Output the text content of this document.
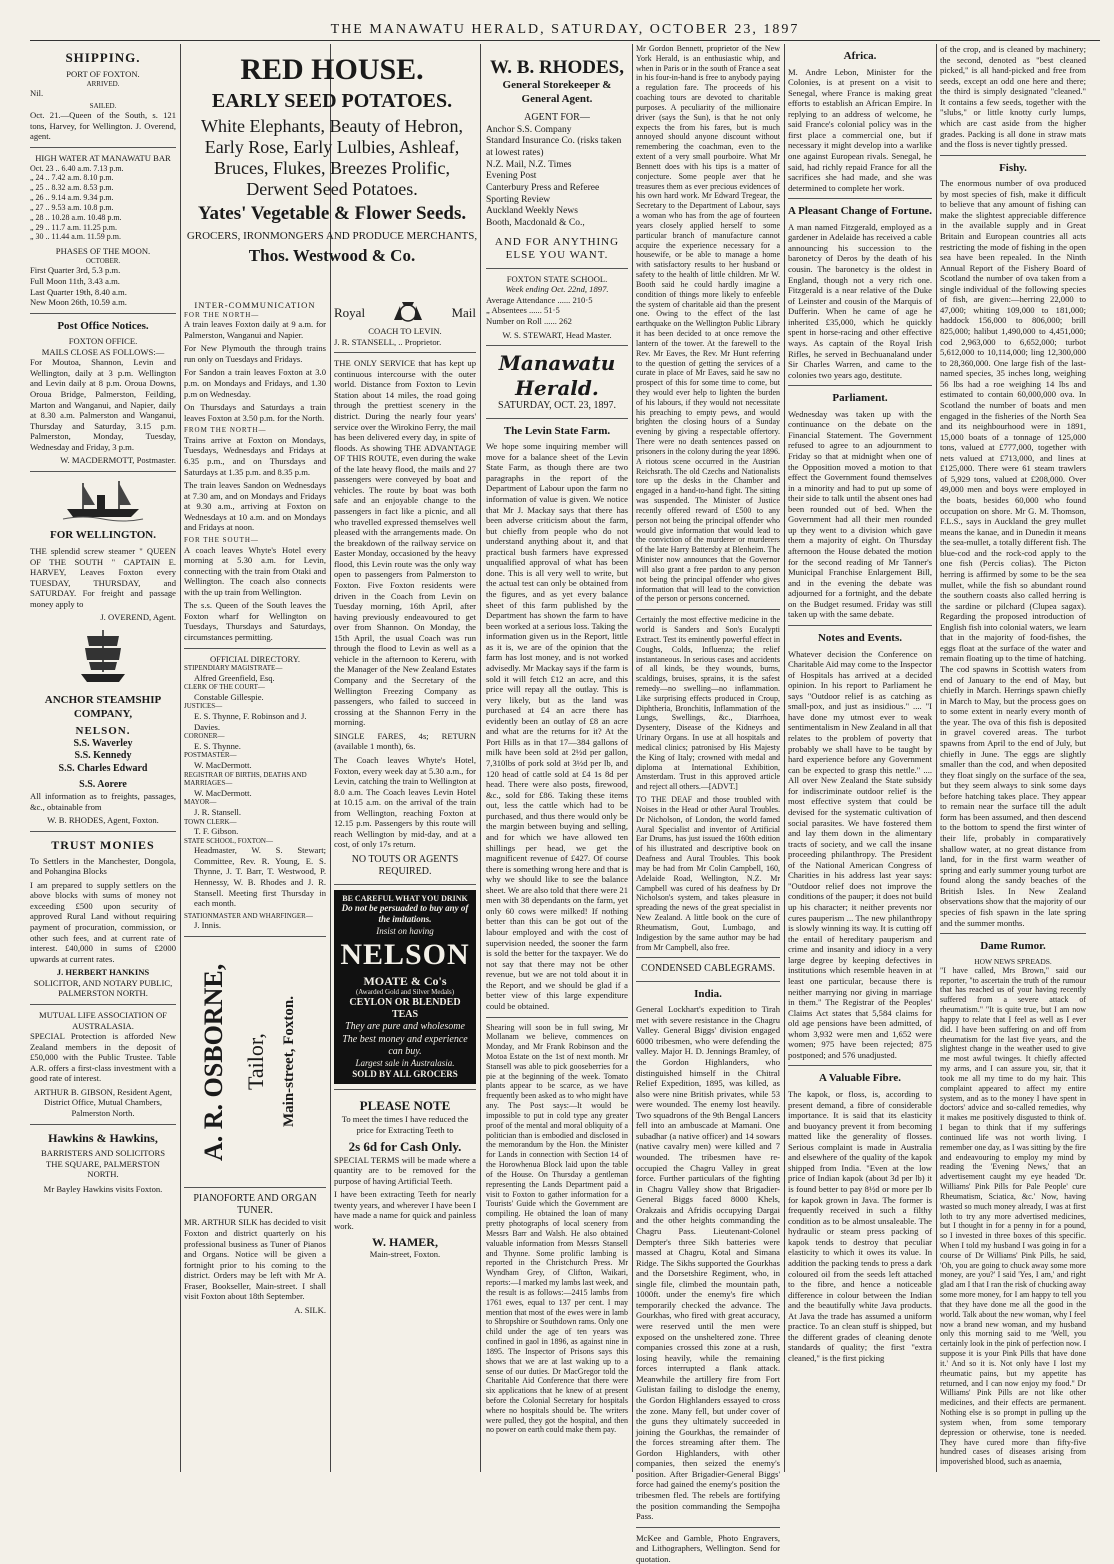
THE MANAWATU HERALD, SATURDAY, OCTOBER 23, 1897
SHIPPING.
PORT OF FOXTON.
ARRIVED.

Nil.

SAILED.

Oct. 21.—Queen of the South, s. 121 tons, Harvey, for Wellington. J. Overend, agent.

HIGH WATER AT MANAWATU BAR
Oct. 23 .. 6.40 a.m. 7.13 p.m.
„ 24 .. 7.42 a.m. 8.10 p.m.
„ 25 .. 8.32 a.m. 8.53 p.m.
„ 26 .. 9.14 a.m. 9.34 p.m.
„ 27 .. 9.53 a.m. 10.8 p.m.
„ 28 .. 10.28 a.m. 10.48 p.m.
„ 29 .. 11.7 a.m. 11.25 p.m.
„ 30 .. 11.44 a.m. 11.59 p.m.
PHASES OF THE MOON.
OCTOBER.
First Quarter 3rd, 5.3 p.m.
Full Moon 11th, 3.43 a.m.
Last Quarter 19th, 8.40 a.m.
New Moon 26th, 10.59 a.m.
Post Office Notices.
FOXTON OFFICE.
MAILS CLOSE AS FOLLOWS:—

For Moutoa, Shannon, Levin and Wellington, daily at 3 p.m. Wellington and Levin daily at 8 p.m. Oroua Downs, Oroua Bridge, Palmerston, Feilding, Marton and Wanganui, and Napier, daily at 8.30 a.m. Palmerston and Wanganui, Thursday and Saturday, 3.15 p.m. Palmerston, Monday, Tuesday, Wednesday and Friday, 3 p.m.

W. MACDERMOTT, Postmaster.

FOR WELLINGTON.

THE splendid screw steamer " QUEEN OF THE SOUTH " CAPTAIN E. HARVEY, Leaves Foxton every TUESDAY, THURSDAY, and SATURDAY. For freight and passage money apply to

J. OVEREND, Agent.

ANCHOR STEAMSHIP COMPANY,
NELSON.
S.S. Waverley
S.S. Kennedy
S.S. Charles Edward
S.S. Aorere

All information as to freights, passages, &c., obtainable from

W. B. RHODES, Agent, Foxton.

TRUST MONIES

To Settlers in the Manchester, Dongola, and Pohangina Blocks

I am prepared to supply settlers on the above blocks with sums of money not exceeding £500 upon security of approved Rural Land without requiring payment of procuration, commission, or other such fees, and at current rate of interest. £40,000 in sums of £2000 upwards at current rates.

J. HERBERT HANKINS

SOLICITOR, AND NOTARY PUBLIC, PALMERSTON NORTH.

MUTUAL LIFE ASSOCIATION OF AUSTRALASIA.

SPECIAL Protection is afforded New Zealand members in the deposit of £50,000 with the Public Trustee. Table A.R. offers a first-class investment with a good rate of interest.

ARTHUR B. GIBSON, Resident Agent, District Office, Mutual Chambers, Palmerston North.

Hawkins & Hawkins,
BARRISTERS AND SOLICITORS
THE SQUARE, PALMERSTON NORTH.
Mr Bayley Hawkins visits Foxton.
RED HOUSE.
EARLY SEED POTATOES.
White Elephants, Beauty of Hebron, Early Rose, Early Lulbies, Ashleaf, Bruces, Flukes, Breezes Prolific, Derwent Seed Potatoes.
Yates' Vegetable & Flower Seeds.
GROCERS, IRONMONGERS AND PRODUCE MERCHANTS,
Thos. Westwood & Co.
INTER-COMMUNICATION
FOR THE NORTH—

A train leaves Foxton daily at 9 a.m. for Palmerston, Wanganui and Napier.

For New Plymouth the through trains run only on Tuesdays and Fridays.

For Sandon a train leaves Foxton at 3.0 p.m. on Mondays and Fridays, and 1.30 p.m on Wednesday.

On Thursdays and Saturdays a train leaves Foxton at 3.50 p.m. for the North.

FROM THE NORTH—

Trains arrive at Foxton on Mondays, Tuesdays, Wednesdays and Fridays at 6.35 p.m., and on Thursdays and Saturdays at 1.35 p.m. and 8.35 p.m.

The train leaves Sandon on Wednesdays at 7.30 am, and on Mondays and Fridays at 9.30 a.m., arriving at Foxton on Wednesdays at 10 a.m. and on Mondays and Fridays at noon.

FOR THE SOUTH—

A coach leaves Whyte's Hotel every morning at 5.30 a.m. for Levin, connecting with the train from Otaki and Wellington. The coach also connects with the up train from Wellington.

The s.s. Queen of the South leaves the Foxton wharf for Wellington on Tuesdays, Thursdays and Saturdays, circumstances permitting.

OFFICIAL DIRECTORY.
STIPENDIARY MAGISTRATE—
Alfred Greenfield, Esq.
CLERK OF THE COURT—
Constable Gillespie.
JUSTICES—
E. S. Thynne, F. Robinson and J. Davies.
CORONER—
E. S. Thynne.
POSTMASTER—
W. MacDermott.
REGISTRAR OF BIRTHS, DEATHS AND MARRIAGES—
W. MacDermott.
MAYOR—
J. R. Stansell.
TOWN CLERK—
T. F. Gibson.
STATE SCHOOL, FOXTON—

Headmaster, W. S. Stewart; Committee, Rev. R. Young, E. S. Thynne, J. T. Barr, T. Westwood, P. Hennessy, W. B. Rhodes and J. R. Stansell. Meeting first Thursday in each month.

STATIONMASTER AND WHARFINGER—
J. Innis.
A. R. OSBORNE, Tailor, Main-street, Foxton.
PIANOFORTE AND ORGAN TUNER.

MR. ARTHUR SILK has decided to visit Foxton and district quarterly on his professional business as Tuner of Pianos and Organs. Notice will be given a fortnight prior to his coming to the district. Orders may be left with Mr A. Fraser, Bookseller, Main-street. I shall visit Foxton about 18th September.

A. SILK.

Royal	Mail
COACH TO LEVIN.
J. R. STANSELL, .. Proprietor.

THE ONLY SERVICE that has kept up continuous intercourse with the outer world. Distance from Foxton to Levin Station about 14 miles, the road going through the prettiest scenery in the district. During the nearly four years' service over the Wirokino Ferry, the mail has been delivered every day, in spite of floods. As showing THE ADVANTAGE OF THIS ROUTE, even during the wake of the late heavy flood, the mails and 27 passengers were conveyed by boat and vehicles. The route by boat was both safe and an enjoyable change to the passengers in fact like a picnic, and all who travelled expressed themselves well pleased with the arrangements made. On the breakdown of the railway service on Easter Monday, occasioned by the heavy flood, this Levin route was the only way open to passengers from Palmerston to Foxton. Five Foxton residents were driven in the Coach from Levin on Tuesday morning, 16th April, after having previously endeavoured to get over from Shannon. On Monday, the 15th April, the usual Coach was run through the flood to Levin as well as a vehicle in the afternoon to Kereru, with the Manager of the New Zealand Estates Company and the Secretary of the Wellington Freezing Company as passengers, who failed to succeed in crossing at the Shannon Ferry in the morning.

SINGLE FARES, 4s; RETURN (available 1 month), 6s.

The Coach leaves Whyte's Hotel, Foxton, every week day at 5.30 a.m., for Levin, catching the train to Wellington at 8.0 a.m. The Coach leaves Levin Hotel at 10.15 a.m. on the arrival of the train from Wellington, reaching Foxton at 12.15 p.m. Passengers by this route will reach Wellington by mid-day, and at a cost, of only 17s return.

NO TOUTS OR AGENTS REQUIRED.
BE CAREFUL WHAT YOU DRINK
Do not be persuaded to buy any of the imitations.
Insist on having
NELSON
MOATE & Co's
(Awarded Gold and Silver Medals)
CEYLON OR BLENDED TEAS
They are pure and wholesome
The best money and experience can buy.
Largest sale in Australasia.
SOLD BY ALL GROCERS
PLEASE NOTE

To meet the times I have reduced the price for Extracting Teeth to

2s 6d for Cash Only.

SPECIAL TERMS will be made where a quantity are to be removed for the purpose of having Artificial Teeth.

I have been extracting Teeth for nearly twenty years, and wherever I have been I have made a name for quick and painless work.

W. HAMER,
Main-street, Foxton.
W. B. RHODES,
General Storekeeper & General Agent.
AGENT FOR—
Anchor S.S. Company
Standard Insurance Co. (risks taken at lowest rates)
N.Z. Mail, N.Z. Times
Evening Post
Canterbury Press and Referee
Sporting Review
Auckland Weekly News
Booth, Macdonald & Co.,
AND FOR ANYTHING ELSE YOU WANT.
FOXTON STATE SCHOOL.
Week ending Oct. 22nd, 1897.
Average Attendance ...... 210·5
„ Absentees ...... 51·5
Number on Roll ...... 262
W. S. STEWART, Head Master.
Manawatu Herald.
SATURDAY, OCT. 23, 1897.
The Levin State Farm.

We hope some inquiring member will move for a balance sheet of the Levin State Farm, as though there are two paragraphs in the report of the Department of Labour upon the farm no information of value is given. We notice that Mr J. Mackay says that there has been adverse criticism about the farm, but chiefly from people who do not understand anything about it, and that practical bush farmers have expressed unqualified approval of what has been done. This is all very well to write, but the actual test can only be obtained from the figures, and as yet every balance sheet of this farm published by the Department has shown the farm to have been worked at a serious loss. Taking the information given us in the Report, little as it is, we are of the opinion that the farm has lost money, and is not worked advisedly. Mr Mackay says if the farm is sold it will fetch £12 an acre, and this price will repay all the outlay. This is very likely, but as the land was purchased at £4 an acre there has evidently been an outlay of £8 an acre and what are the returns for it? At the Port Hills as in that 17—384 gallons of milk have been sold at 2½d per gallon, 7,310lbs of pork sold at 3½d per lb, and 120 head of cattle sold at £4 1s 8d per head. There were also posts, firewood, &c., sold for £86. Taking these items out, less the cattle which had to be purchased, and thus there would only be the margin between buying and selling, and for which we have allowed ten shillings per head, we get the magnificent revenue of £427. Of course there is something wrong here and that is why we should like to see the balance sheet. We are also told that there were 21 men with 38 dependants on the farm, yet only 60 cows were milked! If nothing better than this can be got out of the labour employed and with the cost of supervision needed, the sooner the farm is sold the better for the taxpayer. We do not say that there may not be other revenue, but we are not told about it in the Report, and we should be glad if a better view of this large expenditure could be obtained.

Shearing will soon be in full swing, Mr Mollanam we believe, commences on Monday, and Mr Frank Robinson and the Motoa Estate on the 1st of next month. Mr Stansell was able to pick gooseberries for a pie at the beginning of the week. Tomato plants appear to be scarce, as we have frequently been asked as to who might have any. The Post says:—It would be impossible to put in cold type any greater proof of the mental and moral obliquity of a politician than is embodied and disclosed in the memorandum by the Hon. the Minister for Lands in connection with Section 14 of the Horowhenua Block laid upon the table of the House. On Thursday a gentleman representing the Lands Department paid a visit to Foxton to gather information for a Tourists' Guide which the Government are compiling. He obtained the loan of many pretty photographs of local scenery from Messrs Barr and Walsh. He also obtained valuable information from Messrs Stansell and Thynne. Some prolific lambing is reported in the Christchurch Press. Mr Wyndham Grey, of Clifton, Waikari, reports:—I marked my lambs last week, and the result is as follows:—2415 lambs from 1761 ewes, equal to 137 per cent. I may mention that most of the ewes were in lamb to Shropshire or Southdown rams. Only one child under the age of ten years was confined in gaol in 1896, as against nine in 1895. The Inspector of Prisons says this shows that we are at last waking up to a sense of our duties. Dr MacGregor told the Charitable Aid Conference that there were six applications that he knew of at present before the Colonial Secretary for hospitals where no hospitals should be. The writers were pulled, they got the hospital, and then no power on earth could make them pay.

Mr Gordon Bennett, proprietor of the New York Herald, is an enthusiastic whip, and when in Paris or in the south of France a seat in his four-in-hand is free to anybody paying a regulation fare. The proceeds of his coaching tours are devoted to charitable purposes. A peculiarity of the millionaire driver (says the Sun), is that he not only expects the from his fares, but is much annoyed should anyone discount without remembering the coachman, even to the extent of a very small pourboire. What Mr Bennett does with his tips is a matter of conjecture. Some people aver that he treasures them as ever precious evidences of his own hard work. Mr Edward Tregear, the Secretary to the Department of Labour, says a woman who has from the age of fourteen years closely applied herself to some particular branch of manufacture cannot acquire the experience necessary for a housewife, or be able to manage a home with satisfactory results to her husband or safety to the health of little children. Mr W. Booth said he could hardly imagine a condition of things more likely to enfeeble the system of charitable aid than the present one. Owing to the effect of the last earthquake on the Wellington Public Library it has been decided to at once remove the lantern of the tower. At the farewell to the Rev. Mr Eaves, the Rev. Mr Hunt referring to the question of getting the services of a curate in place of Mr Eaves, said he saw no prospect of this for some time to come, but they would ever help to lighten the burden of his labours, if they would not necessitate his preaching to empty pews, and would brighten the closing hours of a Sunday evening by giving a respectable offertory. There were no death sentences passed on prisoners in the colony during the year 1896. A riotous scene occurred in the Austrian Reichsrath. The old Czechs and Nationalists tore up the desks in the Chamber and engaged in a hand-to-hand fight. The sitting was suspended. The Minister of Justice recently offered reward of £500 to any person not being the principal offender who would give information that would lead to the conviction of the murderer or murderers of the late Harry Battersby at Blenheim. The Minister now announces that the Governor will also grant a free pardon to any person not being the principal offender who gives information that will lead to the conviction of the person or persons concerned.

Certainly the most effective medicine in the world is Sanders and Son's Eucalypti Extract. Test its eminently powerful effect in Coughs, Colds, Influenza; the relief instantaneous. In serious cases and accidents of all kinds, be they wounds, burns, scaldings, bruises, sprains, it is the safest remedy—no swelling—no inflammation. Like surprising effects produced in Croup, Diphtheria, Bronchitis, Inflammation of the Lungs, Swellings, &c., Diarrhoea, Dysentery, Disease of the Kidneys and Urinary Organs. In use at all hospitals and medical clinics; patronised by His Majesty the King of Italy; crowned with medal and diploma at International Exhibition, Amsterdam. Trust in this approved article and reject all others.—[ADVT.]

TO THE DEAF and those troubled with Noises in the Head or other Aural Troubles. Dr Nicholson, of London, the world famed Aural Specialist and inventor of Artificial Ear Drums, has just issued the 160th edition of his illustrated and descriptive book on Deafness and Aural Troubles. This book may be had from Mr Colin Campbell, 160, Adelaide Road, Wellington, N.Z. Mr Campbell was cured of his deafness by Dr Nicholson's system, and takes pleasure in spreading the news of the great specialist in New Zealand. A little book on the cure of Rheumatism, Gout, Lumbago, and Indigestion by the same author may be had from Mr Campbell, also free.

CONDENSED CABLEGRAMS.
India.

General Lockhart's expedition to Tirah met with severe resistance in the Chagru Valley. General Biggs' division engaged 6000 tribesmen, who were defending the valley. Major H. D. Jennings Bramley, of the Gordon Highlanders, who distinguished himself in the Chitral Relief Expedition, 1895, was killed, as also were nine British privates, while 53 were wounded. The enemy lost heavily. Two squadrons of the 9th Bengal Lancers fell into an ambuscade at Mamani. One subadhar (a native officer) and 14 sowars (native cavalry men) were killed and 7 wounded. The tribesmen have re-occupied the Chagru Valley in great force. Further particulars of the fighting in Chagru Valley show that Brigadier-General Biggs faced 8000 Khels, Orakzais and Afridis occupying Dargai and the other heights commanding the Chagru Pass. Lieutenant-Colonel Dempter's three Sikh batteries were massed at Chagru, Kotal and Simana Ridge. The Sikhs supported the Gourkhas and the Dorsetshire Regiment, who, in single file, climbed the mountain path, 1000ft. under the enemy's fire which temporarily checked the advance. The Gourkhas, who fired with great accuracy, were reserved until the men were exposed on the unsheltered zone. Three companies crossed this zone at a rush, losing heavily, while the remaining forces interrupted a flank attack. Meanwhile the artillery fire from Fort Gulistan failing to dislodge the enemy, the Gordon Highlanders essayed to cross the zone. Many fell, but under cover of the guns they ultimately succeeded in joining the Gourkhas, the remainder of the forces streaming after them. The Gordon Highlanders, with other companies, then seized the enemy's position. After Brigadier-General Biggs' force had gained the enemy's position the tribesmen fled. The rebels are fortifying the position commanding the Sempojha Pass.

McKee and Gamble, Photo Engravers, and Lithographers, Wellington. Send for quotation.

Africa.

M. Andre Lebon, Minister for the Colonies, is at present on a visit to Senegal, where France is making great efforts to establish an African Empire. In replying to an address of welcome, he said France's colonial policy was in the first place a commercial one, but if necessary it might develop into a warlike one against European rivals. Senegal, he said, had richly repaid France for all the sacrifices she had made, and she was determined to complete her work.

A Pleasant Change of Fortune.

A man named Fitzgerald, employed as a gardener in Adelaide has received a cable announcing his succession to the baronetcy of Deros by the death of his cousin. The baronetcy is the oldest in England, though not a very rich one. Fitzgerald is a near relative of the Duke of Leinster and cousin of the Marquis of Dufferin. When he came of age he inherited £35,000, which he quickly spent in horse-racing and other effective ways. As captain of the Royal Irish Rifles, he served in Bechuanaland under Sir Charles Warren, and came to the colonies two years ago, destitute.

Parliament.

Wednesday was taken up with the continuance on the debate on the Financial Statement. The Government refused to agree to an adjournment to Friday so that at midnight when one of the Opposition moved a motion to that effect the Government found themselves in a minority and had to put up some of their side to talk until the absent ones had been rounded out of bed. When the Government had all their men rounded up they went to a division which gave them a majority of eight. On Thursday afternoon the House debated the motion for the second reading of Mr Tanner's Municipal Franchise Enlargement Bill, and in the evening the debate was adjourned for a fortnight, and the debate on the Budget resumed. Friday was still taken up with the same debate.

Notes and Events.

Whatever decision the Conference on Charitable Aid may come to the Inspector of Hospitals has arrived at a decided opinion. In his report to Parliament he says "Outdoor relief is as catching as small-pox, and just as insidious." .... "I have done my utmost ever to weak sentimentalism in New Zealand in all that relates to the problem of poverty that probably we shall have to be taught by hard experience before any Government can be expected to grasp this nettle." .... All over New Zealand the State subsidy for indiscriminate outdoor relief is the most effective system that could be devised for the systematic cultivation of social parasites. We have fostered them and lay them down in the alimentary tracts of society, and we call the insane proceeding philanthropy. The President of the National American Congress of Charities in his address last year says: "Outdoor relief does not improve the conditions of the pauper; it does not build up his character; it neither prevents nor cures pauperism ... The new philanthropy is slowly winning its way. It is cutting off the entail of hereditary pauperism and crime and insanity and idiocy in a very large degree by keeping defectives in institutions which resemble heaven in at least one particular, because there is neither marrying nor giving in marriage in them." The Registrar of the Peoples' Claims Act states that 5,584 claims for old age pensions have been admitted, of whom 3,932 were men and 1,652 were women; 975 have been rejected; 875 postponed; and 576 unadjusted.

A Valuable Fibre.

The kapok, or floss, is, according to present demand, a fibre of considerable importance. It is said that its elasticity and buoyancy prevent it from becoming matted like the generality of flosses. Serious complaint is made in Australia and elsewhere of the quality of the kapok shipped from India. "Even at the low price of Indian kapok (about 3d per lb) it is found better to pay 8½d or more per lb for kapok grown in Java. The former is frequently received in such a filthy condition as to be almost unsaleable. The hydraulic or steam press packing of kapok tends to destroy that peculiar elasticity to which it owes its value. In addition the packing tends to press a dark coloured oil from the seeds left attached to the fibre, and hence a noticeable difference in colour between the Indian and the beautifully white Java products. At Java the trade has assumed a uniform practice. To an clean stuff is shipped, but the different grades of cleaning denote standards of quality; the first "extra cleaned," is the first picking

of the crop, and is cleaned by machinery; the second, denoted as "best cleaned picked," is all hand-picked and free from seeds, except an odd one here and there; the third is simply designated "cleaned." It contains a few seeds, together with the "slubs," or little knotty curly lumps, which are cast aside from the higher grades. Packing is all done in straw mats and the floss is never tightly pressed.

Fishy.

The enormous number of ova produced by most species of fish, make it difficult to believe that any amount of fishing can make the slightest appreciable difference in the available supply and in Great Britain and European countries all acts restricting the mode of fishing in the open sea have been repealed. In the Ninth Annual Report of the Fishery Board of Scotland the number of ova taken from a single individual of the following species of fish, are given:—herring 22,000 to 47,000; whiting 109,000 to 181,000; haddock 156,000 to 806,000; brill 825,000; halibut 1,490,000 to 4,451,000; cod 2,963,000 to 6,652,000; turbot 5,612,000 to 10,114,000; ling 12,300,000 to 28,360,000. One large fish of the last-named species, 35 inches long, weighing 56 lbs had a roe weighing 14 lbs and estimated to contain 60,000,000 ova. In Scotland the number of boats and men engaged in the fisheries of the North Sea and its neighbourhood were in 1891, 15,000 boats of a tonnage of 125,000 tons, valued at £777,000, together with nets valued at £713,000, and lines at £125,000. There were 61 steam trawlers of 5,929 tons, valued at £208,000. Over 49,000 men and boys were employed in the boats, besides 60,000 who found occupation on shore. Mr G. M. Thomson, F.L.S., says in Auckland the grey mullet means the kanae, and in Dunedin it means the sea-mullet, a totally different fish. The blue-cod and the rock-cod apply to the one fish (Percis colias). The Picton herring is affirmed by some to be the sea mullet, while the fish so abundant round the southern coasts also called herring is the sardine or pilchard (Clupea sagax). Regarding the proposed introduction of English fish into colonial waters, we learn that in the majority of food-fishes, the eggs float at the surface of the water and remain floating up to the time of hatching. The cod spawns in Scottish waters from end of January to the end of May, but chiefly in March. Herrings spawn chiefly in March to May, but the process goes on to some extent in nearly every month of the year. The ova of this fish is deposited in gravel covered areas. The turbot spawns from April to the end of July, but chiefly in June. The eggs are slightly smaller than the cod, and when deposited they float singly on the surface of the sea, but they seem always to sink some days before hatching takes place. They appear to remain near the surface till the adult form has been assumed, and then descend to the bottom to spend the first winter of their life, probably in comparatively shallow water, at no great distance from land, for in the first warm weather of spring and early summer young turbot are found along the sandy beaches of the British Isles. In New Zealand observations show that the majority of our species of fish spawn in the late spring and the summer months.

Dame Rumor.
HOW NEWS SPREADS.

"I have called, Mrs Brown," said our reporter, "to ascertain the truth of the rumour that has reached us of your having recently suffered from a severe attack of rheumatism." "It is quite true, but I am now happy to relate that I feel as well as I ever did. I have been suffering on and off from rheumatism for the last five years, and the slightest change in the weather used to give me most awful twinges. It chiefly affected my arms, and I can assure you, sir, that it took me all my time to do my hair. This complaint appeared to affect my entire system, and as to the money I have spent in doctors' advice and so-called remedies, why it makes me positively disgusted to think of. I began to think that if my sufferings continued life was not worth living. I remember one day, as I was sitting by the fire and endeavouring to employ my mind by reading the 'Evening News,' that an advertisement caught my eye headed 'Dr. Williams' Pink Pills for Pale People' cure Rheumatism, Sciatica, &c.' Now, having wasted so much money already, I was at first loth to try any more advertised medicines, but I thought in for a penny in for a pound, so I invested in three boxes of this specific. When I told my husband I was going in for a course of Dr Williams' Pink Pills, he said, 'Oh, you are going to chuck away some more money, are you?' I said 'Yes, I am,' and right glad am I that I ran the risk of chucking away some more money, for I am happy to tell you that they have done me all the good in the world. Talk about the new woman, why I feel now a brand new woman, and my husband only this morning said to me 'Well, you certainly look in the pink of perfection now. I suppose it is your Pink Pills that have done it.' And so it is. Not only have I lost my rheumatic pains, but my appetite has returned, and I can now enjoy my food." Dr Williams' Pink Pills are not like other medicines, and their effects are permanent. Nothing else is so prompt in pulling up the system when, from some temporary depression or otherwise, tone is needed. They have cured more than fifty-five hundred cases of diseases arising from impoverished blood, such as anaemia,
